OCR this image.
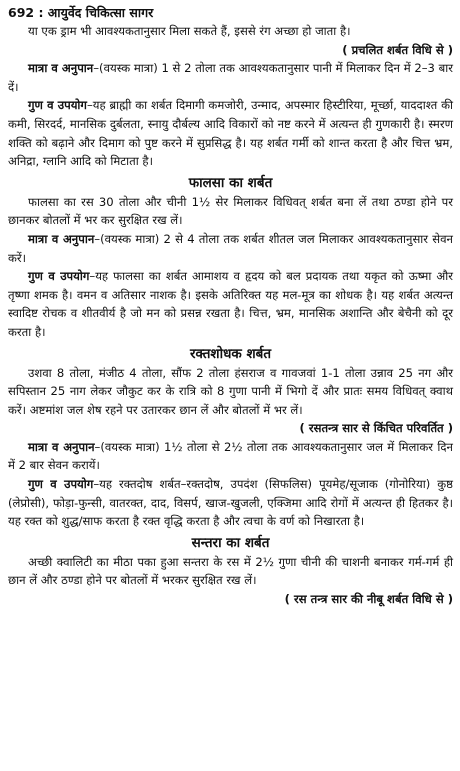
692 : आयुर्वेद चिकित्सा सागर
या एक ड्राम भी आवश्यकतानुसार मिला सकते हैं, इससे रंग अच्छा हो जाता है।
( प्रचलित शर्बत विधि से )
मात्रा व अनुपान–(वयस्क मात्रा) 1 से 2 तोला तक आवश्यकतानुसार पानी में मिलाकर दिन में 2–3 बार दें।
गुण व उपयोग–यह ब्राह्मी का शर्बत दिमागी कमजोरी, उन्माद, अपस्मार हिस्टीरिया, मूर्च्छा, याददाश्त की कमी, सिरदर्द, मानसिक दुर्बलता, स्नायु दौर्बल्य आदि विकारों को नष्ट करने में अत्यन्त ही गुणकारी है। स्मरण शक्ति को बढ़ाने और दिमाग को पुष्ट करने में सुप्रसिद्ध है। यह शर्बत गर्मी को शान्त करता है और चित्त भ्रम, अनिद्रा, ग्लानि आदि को मिटाता है।
फालसा का शर्बत
फालसा का रस 30 तोला और चीनी 1½ सेर मिलाकर विधिवत् शर्बत बना लें तथा ठण्डा होने पर छानकर बोतलों में भर कर सुरक्षित रख लें।
मात्रा व अनुपान–(वयस्क मात्रा) 2 से 4 तोला तक शर्बत शीतल जल मिलाकर आवश्यकतानुसार सेवन करें।
गुण व उपयोग–यह फालसा का शर्बत आमाशय व हृदय को बल प्रदायक तथा यकृत को ऊष्मा और तृष्णा शमक है। वमन व अतिसार नाशक है। इसके अतिरिक्त यह मल-मूत्र का शोधक है। यह शर्बत अत्यन्त स्वादिष्ट रोचक व शीतवीर्य है जो मन को प्रसन्न रखता है। चित्त, भ्रम, मानसिक अशान्ति और बेचैनी को दूर करता है।
रक्तशोधक शर्बत
उशवा 8 तोला, मंजीठ 4 तोला, सौंफ 2 तोला हंसराज व गावजवां 1-1 तोला उन्नाव 25 नग और सपिस्तान 25 नाग लेकर जौकुट कर के रात्रि को 8 गुणा पानी में भिगो दें और प्रातः समय विधिवत् क्वाथ करें। अष्टमांश जल शेष रहने पर उतारकर छान लें और बोतलों में भर लें।
( रसतन्त्र सार से किंचित परिवर्तित )
मात्रा व अनुपान–(वयस्क मात्रा) 1½ तोला से 2½ तोला तक आवश्यकतानुसार जल में मिलाकर दिन में 2 बार सेवन करायें।
गुण व उपयोग–यह रक्तदोष शर्बत–रक्तदोष, उपदंश (सिफलिस) पूयमेह/सूजाक (गोनोरिया) कुष्ठ (लेप्रोसी), फोड़ा-फुन्सी, वातरक्त, दाद, विसर्प, खाज-खुजली, एक्जिमा आदि रोगों में अत्यन्त ही हितकर है। यह रक्त को शुद्ध/साफ करता है रक्त वृद्धि करता है और त्वचा के वर्ण को निखारता है।
सन्तरा का शर्बत
अच्छी क्वालिटी का मीठा पका हुआ सन्तरा के रस में 2½ गुणा चीनी की चाशनी बनाकर गर्म-गर्म ही छान लें और ठण्डा होने पर बोतलों में भरकर सुरक्षित रख लें।
( रस तन्त्र सार की नीबू शर्बत विधि से )
